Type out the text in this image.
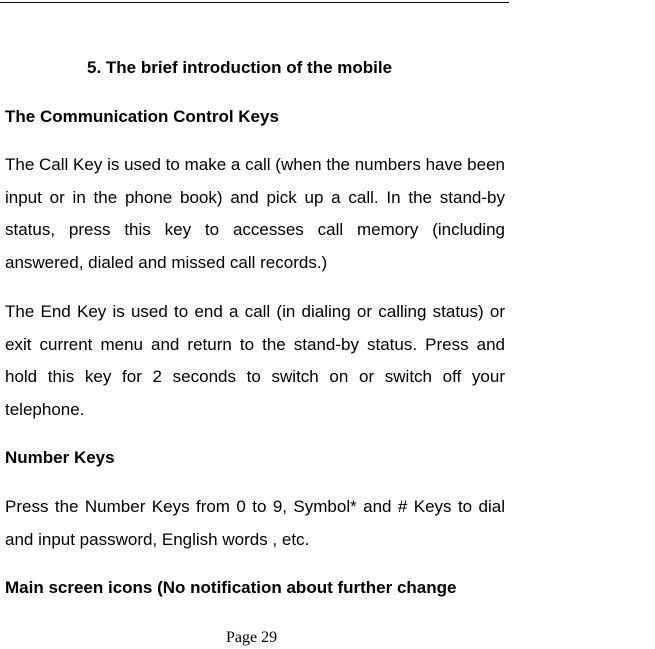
5. The brief introduction of the mobile
The Communication Control Keys
The Call Key is used to make a call (when the numbers have been input or in the phone book) and pick up a call. In the stand-by status, press this key to accesses call memory (including answered, dialed and missed call records.)
The End Key is used to end a call (in dialing or calling status) or exit current menu and return to the stand-by status. Press and hold this key for 2 seconds to switch on or switch off your telephone.
Number Keys
Press the Number Keys from 0 to 9, Symbol* and # Keys to dial and input password, English words , etc.
Main screen icons (No notification about further change
Page 29
